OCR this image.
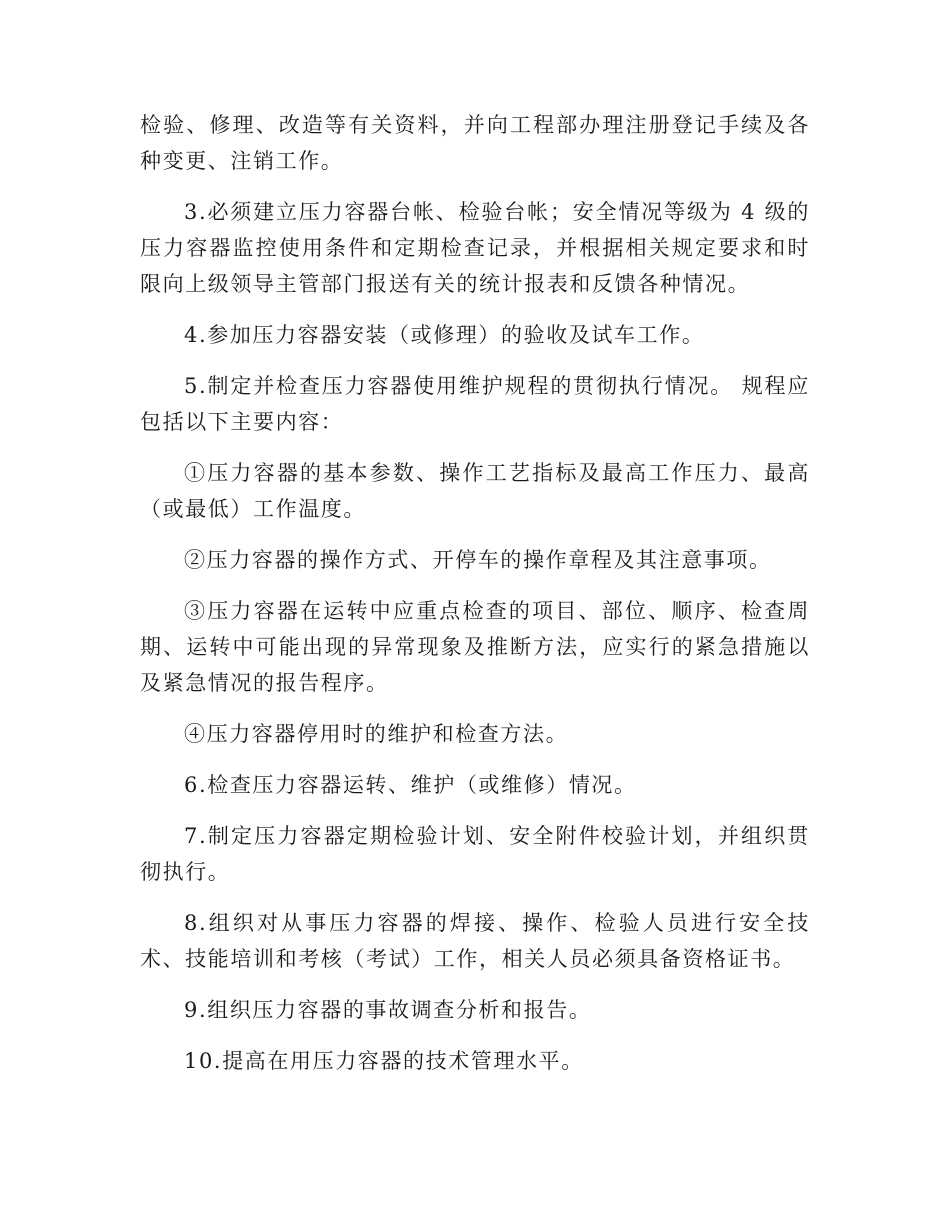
检验、修理、改造等有关资料，并向工程部办理注册登记手续及各种变更、注销工作。

3.必须建立压力容器台帐、检验台帐；安全情况等级为 4 级的压力容器监控使用条件和定期检查记录，并根据相关规定要求和时限向上级领导主管部门报送有关的统计报表和反馈各种情况。

4.参加压力容器安装（或修理）的验收及试车工作。

5.制定并检查压力容器使用维护规程的贯彻执行情况。 规程应包括以下主要内容：

①压力容器的基本参数、操作工艺指标及最高工作压力、最高（或最低）工作温度。

②压力容器的操作方式、开停车的操作章程及其注意事项。

③压力容器在运转中应重点检查的项目、部位、顺序、检查周期、运转中可能出现的异常现象及推断方法，应实行的紧急措施以及紧急情况的报告程序。

④压力容器停用时的维护和检查方法。

6.检查压力容器运转、维护（或维修）情况。

7.制定压力容器定期检验计划、安全附件校验计划，并组织贯彻执行。

8.组织对从事压力容器的焊接、操作、检验人员进行安全技术、技能培训和考核（考试）工作，相关人员必须具备资格证书。

9.组织压力容器的事故调查分析和报告。

10.提高在用压力容器的技术管理水平。
